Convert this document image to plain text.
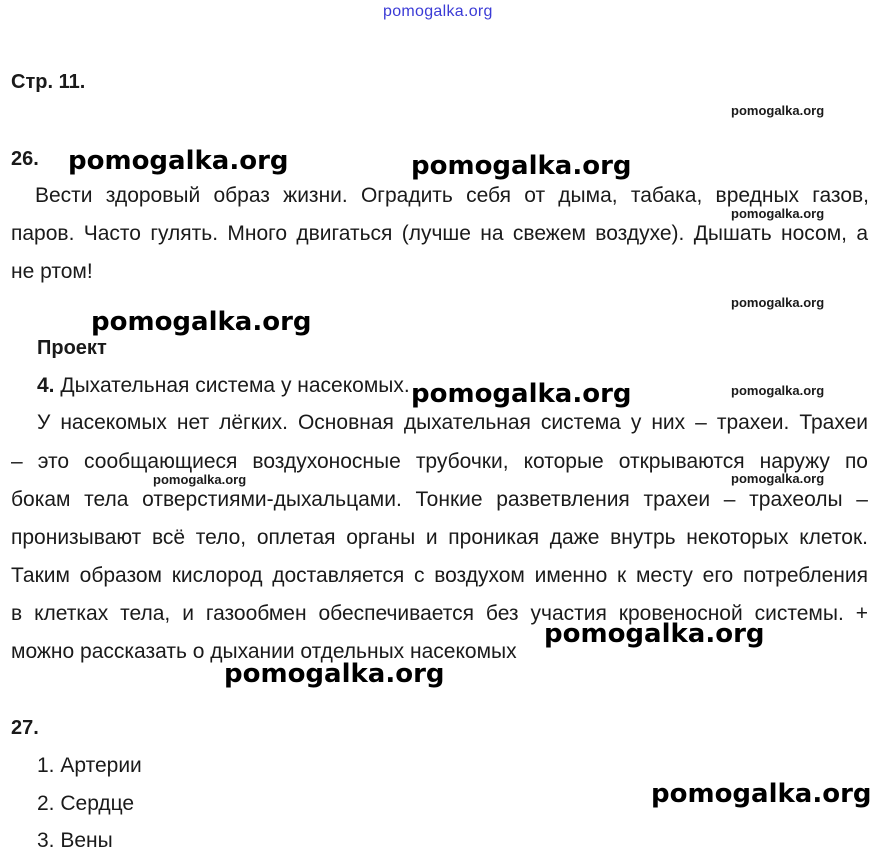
pomogalka.org
Стр. 11.
26.
Вести здоровый образ жизни. Оградить себя от дыма, табака, вредных газов,
паров. Часто гулять. Много двигаться (лучше на свежем воздухе). Дышать носом, а
не ртом!
Проект
4. Дыхательная система у насекомых.
У насекомых нет лёгких. Основная дыхательная система у них – трахеи. Трахеи
– это сообщающиеся воздухоносные трубочки, которые открываются наружу по
бокам тела отверстиями-дыхальцами. Тонкие разветвления трахеи – трахеолы –
пронизывают всё тело, оплетая органы и проникая даже внутрь некоторых клеток.
Таким образом кислород доставляется с воздухом именно к месту его потребления
в клетках тела, и газообмен обеспечивается без участия кровеносной системы. +
можно рассказать о дыхании отдельных насекомых
27.
1. Артерии
2. Сердце
3. Вены
pomogalka.org
pomogalka.org
pomogalka.org
pomogalka.org
pomogalka.org
pomogalka.org
pomogalka.org	pomogalka.org
pomogalka.org
pomogalka.org
pomogalka.org
pomogalka.org
pomogalka.org
